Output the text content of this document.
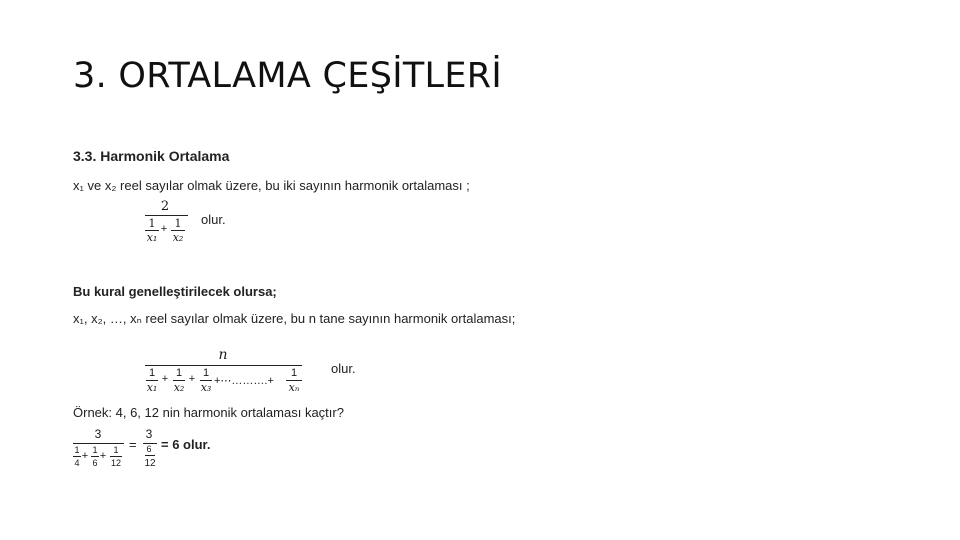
3. ORTALAMA ÇEŞİTLERİ
3.3. Harmonik Ortalama
x₁ ve x₂ reel sayılar olmak üzere, bu iki sayının harmonik ortalaması ;
2
1
x₁
+ 1
x₂
olur.
Bu kural genelleştirilecek olursa;
x₁, x₂, …, xₙ reel sayılar olmak üzere, bu n tane sayının harmonik ortalaması;
n
1
x₁
+ 1
x₂
+ 1
x₃ +⋯……….+
1
xₙ
olur.
Örnek: 4, 6, 12 nin harmonik ortalaması kaçtır?
3
1
4
+ 1
6
+ 1
12
=
3
6
12
= 6 olur.
